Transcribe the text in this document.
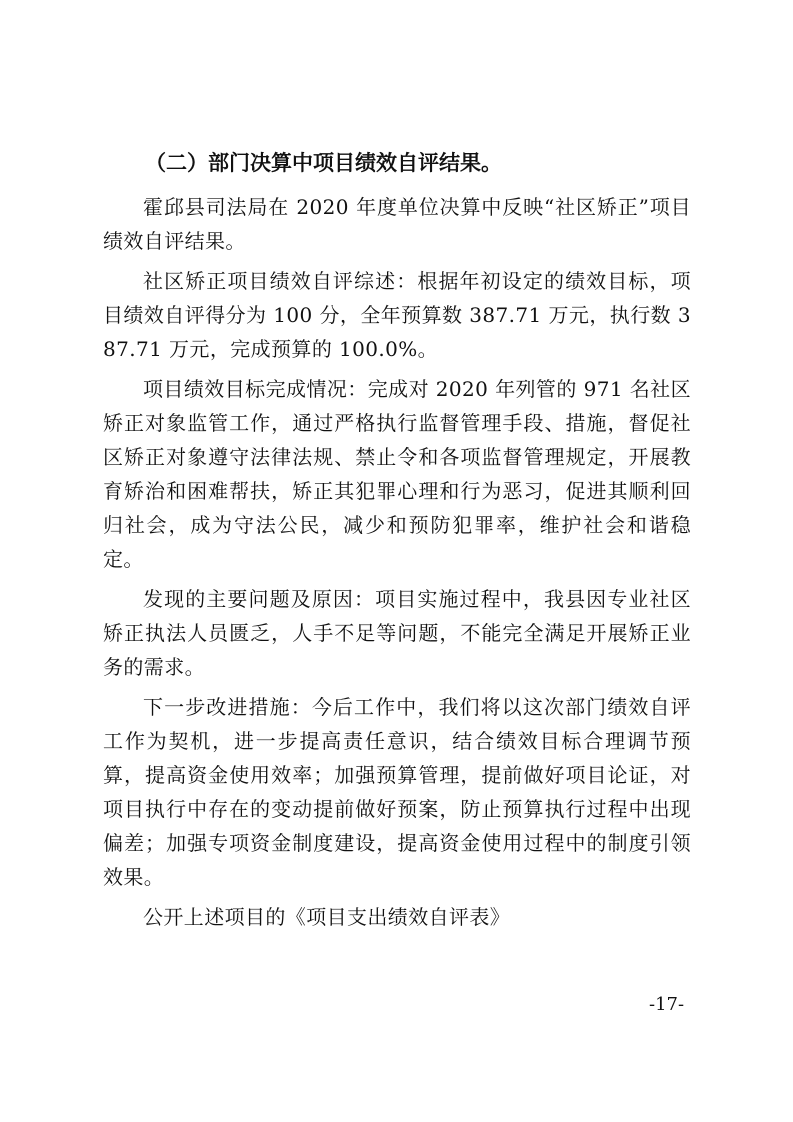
（二）部门决算中项目绩效自评结果。

霍邱县司法局在 2020 年度单位决算中反映“社区矫正”项目绩效自评结果。

社区矫正项目绩效自评综述：根据年初设定的绩效目标，项目绩效自评得分为 100 分，全年预算数 387.71 万元，执行数 387.71 万元，完成预算的 100.0%。

项目绩效目标完成情况：完成对 2020 年列管的 971 名社区矫正对象监管工作，通过严格执行监督管理手段、措施，督促社区矫正对象遵守法律法规、禁止令和各项监督管理规定，开展教育矫治和困难帮扶，矫正其犯罪心理和行为恶习，促进其顺利回归社会，成为守法公民，减少和预防犯罪率，维护社会和谐稳定。

发现的主要问题及原因：项目实施过程中，我县因专业社区矫正执法人员匮乏，人手不足等问题，不能完全满足开展矫正业务的需求。

下一步改进措施：今后工作中，我们将以这次部门绩效自评工作为契机，进一步提高责任意识，结合绩效目标合理调节预算，提高资金使用效率；加强预算管理，提前做好项目论证，对项目执行中存在的变动提前做好预案，防止预算执行过程中出现偏差；加强专项资金制度建设，提高资金使用过程中的制度引领效果。

公开上述项目的《项目支出绩效自评表》

-17-
